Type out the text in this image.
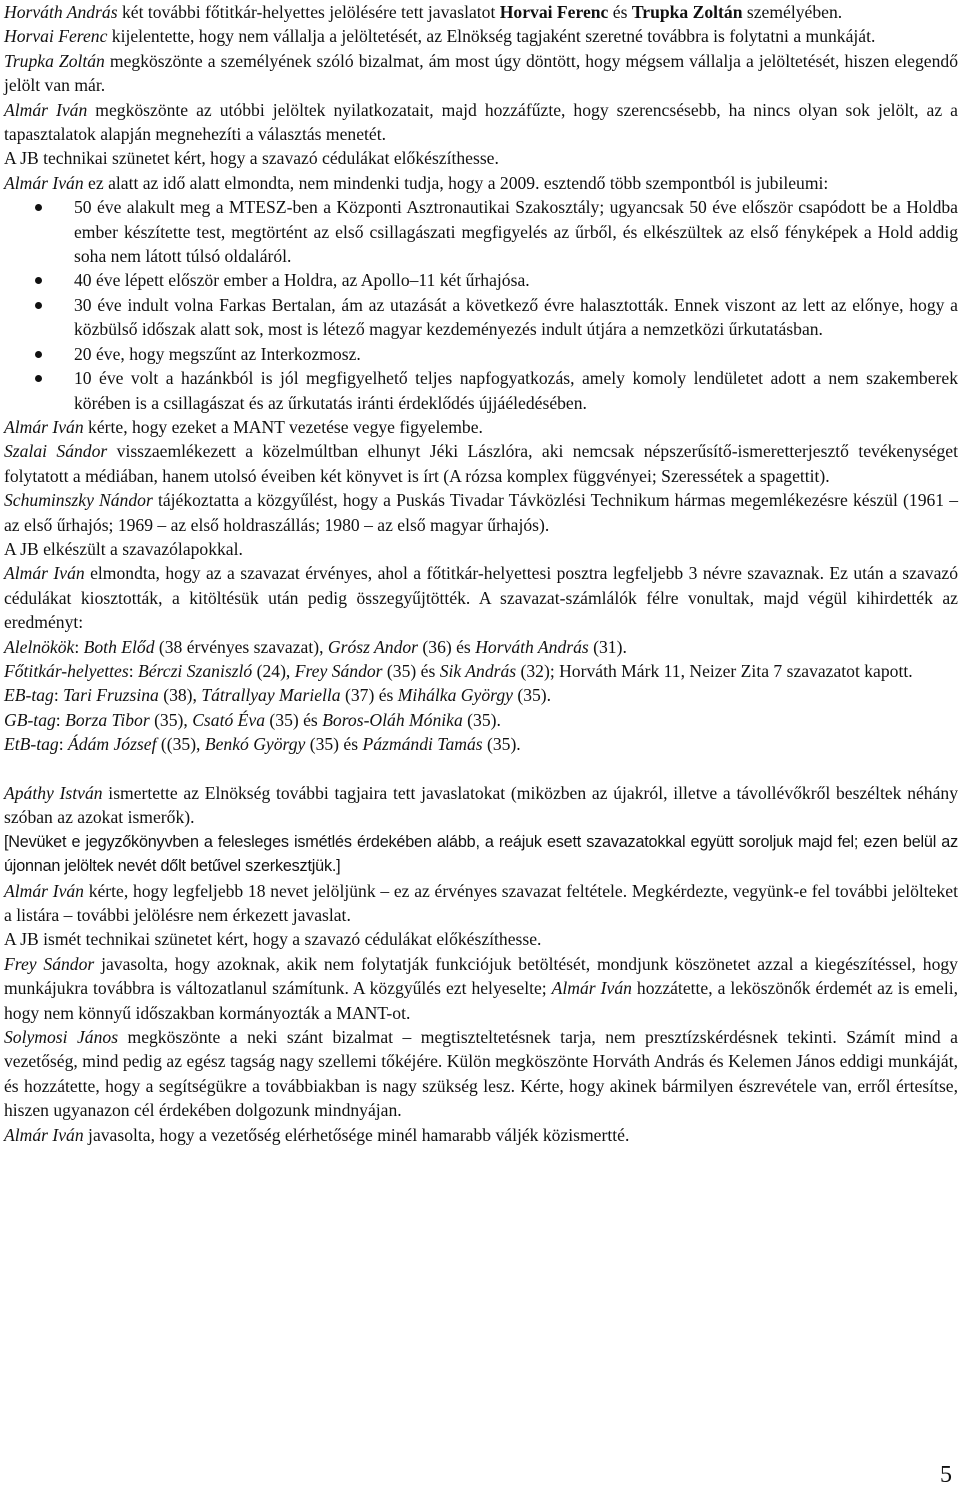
Horváth András két további főtitkár-helyettes jelölésére tett javaslatot Horvai Ferenc és Trupka Zoltán személyében.

Horvai Ferenc kijelentette, hogy nem vállalja a jelöltetését, az Elnökség tagjaként szeretné továbbra is folytatni a munkáját.

Trupka Zoltán megköszönte a személyének szóló bizalmat, ám most úgy döntött, hogy mégsem vállalja a jelöltetését, hiszen elegendő jelölt van már.

Almár Iván megköszönte az utóbbi jelöltek nyilatkozatait, majd hozzáfűzte, hogy szerencsésebb, ha nincs olyan sok jelölt, az a tapasztalatok alapján megnehezíti a választás menetét.

A JB technikai szünetet kért, hogy a szavazó cédulákat előkészíthesse.

Almár Iván ez alatt az idő alatt elmondta, nem mindenki tudja, hogy a 2009. esztendő több szempontból is jubileumi:

50 éve alakult meg a MTESZ-ben a Központi Asztronautikai Szakosztály; ugyancsak 50 éve először csapódott be a Holdba ember készítette test, megtörtént az első csillagászati megfigyelés az űrből, és elkészültek az első fényképek a Hold addig soha nem látott túlsó oldaláról.
40 éve lépett először ember a Holdra, az Apollo–11 két űrhajósa.
30 éve indult volna Farkas Bertalan, ám az utazását a következő évre halasztották. Ennek viszont az lett az előnye, hogy a közbülső időszak alatt sok, most is létező magyar kezdeményezés indult útjára a nemzetközi űrkutatásban.
20 éve, hogy megszűnt az Interkozmosz.
10 éve volt a hazánkból is jól megfigyelhető teljes napfogyatkozás, amely komoly lendületet adott a nem szakemberek körében is a csillagászat és az űrkutatás iránti érdeklődés újjáéledésében.

Almár Iván kérte, hogy ezeket a MANT vezetése vegye figyelembe.

Szalai Sándor visszaemlékezett a közelmúltban elhunyt Jéki Lászlóra, aki nemcsak népszerűsítő-ismeretterjesztő tevékenységet folytatott a médiában, hanem utolsó éveiben két könyvet is írt (A rózsa komplex függvényei; Szeressétek a spagettit).

Schuminszky Nándor tájékoztatta a közgyűlést, hogy a Puskás Tivadar Távközlési Technikum hármas megemlékezésre készül (1961 – az első űrhajós; 1969 – az első holdraszállás; 1980 – az első magyar űrhajós).

A JB elkészült a szavazólapokkal.

Almár Iván elmondta, hogy az a szavazat érvényes, ahol a főtitkár-helyettesi posztra legfeljebb 3 névre szavaznak. Ez után a szavazó cédulákat kiosztották, a kitöltésük után pedig összegyűjtötték. A szavazat-számlálók félre vonultak, majd végül kihirdették az eredményt:

Alelnökök: Both Előd (38 érvényes szavazat), Grósz Andor (36) és Horváth András (31).

Főtitkár-helyettes: Bérczi Szaniszló (24), Frey Sándor (35) és Sik András (32); Horváth Márk 11, Neizer Zita 7 szavazatot kapott.

EB-tag: Tari Fruzsina (38), Tátrallyay Mariella (37) és Mihálka György (35).

GB-tag: Borza Tibor (35), Csató Éva (35) és Boros-Oláh Mónika (35).

EtB-tag: Ádám József ((35), Benkó György (35) és Pázmándi Tamás (35).

Apáthy István ismertette az Elnökség további tagjaira tett javaslatokat (miközben az újakról, illetve a távollévőkről beszéltek néhány szóban az azokat ismerők).

[Nevüket e jegyzőkönyvben a felesleges ismétlés érdekében alább, a reájuk esett szavazatokkal együtt soroljuk majd fel; ezen belül az újonnan jelöltek nevét dőlt betűvel szerkesztjük.]

Almár Iván kérte, hogy legfeljebb 18 nevet jelöljünk – ez az érvényes szavazat feltétele. Megkérdezte, vegyünk-e fel további jelölteket a listára – további jelölésre nem érkezett javaslat.

A JB ismét technikai szünetet kért, hogy a szavazó cédulákat előkészíthesse.

Frey Sándor javasolta, hogy azoknak, akik nem folytatják funkciójuk betöltését, mondjunk köszönetet azzal a kiegészítéssel, hogy munkájukra továbbra is változatlanul számítunk. A közgyűlés ezt helyeselte; Almár Iván hozzátette, a leköszönők érdemét az is emeli, hogy nem könnyű időszakban kormányozták a MANT-ot.

Solymosi János megköszönte a neki szánt bizalmat – megtiszteltetésnek tarja, nem presztízskérdésnek tekinti. Számít mind a vezetőség, mind pedig az egész tagság nagy szellemi tőkéjére. Külön megköszönte Horváth András és Kelemen János eddigi munkáját, és hozzátette, hogy a segítségükre a továbbiakban is nagy szükség lesz. Kérte, hogy akinek bármilyen észrevétele van, erről értesítse, hiszen ugyanazon cél érdekében dolgozunk mindnyájan.

Almár Iván javasolta, hogy a vezetőség elérhetősége minél hamarabb váljék közismertté.

5
